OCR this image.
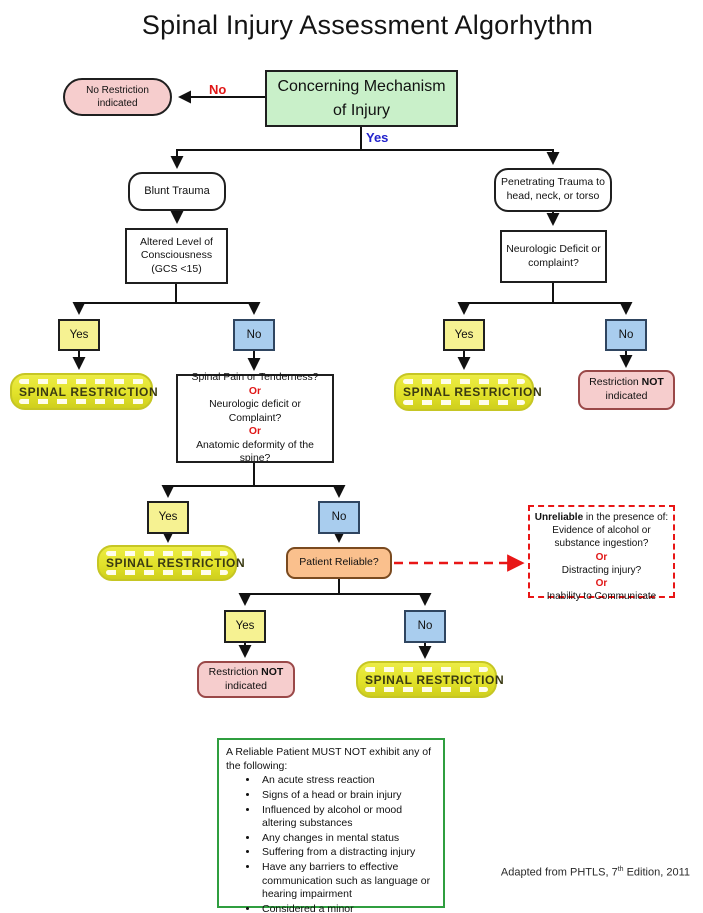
Spinal Injury Assessment Algorhythm
No Restriction indicated
No	Concerning Mechanism of Injury
Yes
Blunt Trauma
Penetrating Trauma to head, neck, or torso
Altered Level of Consciousness (GCS <15)
Neurologic Deficit or complaint?
Yes	No	Yes	No
SPINAL RESTRICTION
Spinal Pain or Tenderness?
Or
Neurologic deficit or Complaint?
Or
Anatomic deformity of the spine?
SPINAL RESTRICTION
Restriction NOT indicated
Yes	No
SPINAL RESTRICTION	Patient Reliable?
Unreliable in the presence of:
Evidence of alcohol or substance ingestion?
Or
Distracting injury?
Or
Inability to Communicate
Yes	No
Restriction NOT indicated	SPINAL RESTRICTION
A Reliable Patient MUST NOT exhibit any of the following:
• An acute stress reaction
• Signs of a head or brain injury
• Influenced by alcohol or mood altering substances
• Any changes in mental status
• Suffering from a distracting injury
• Have any barriers to effective communication such as language or hearing impairment
• Considered a minor
Adapted from PHTLS, 7th Edition, 2011
